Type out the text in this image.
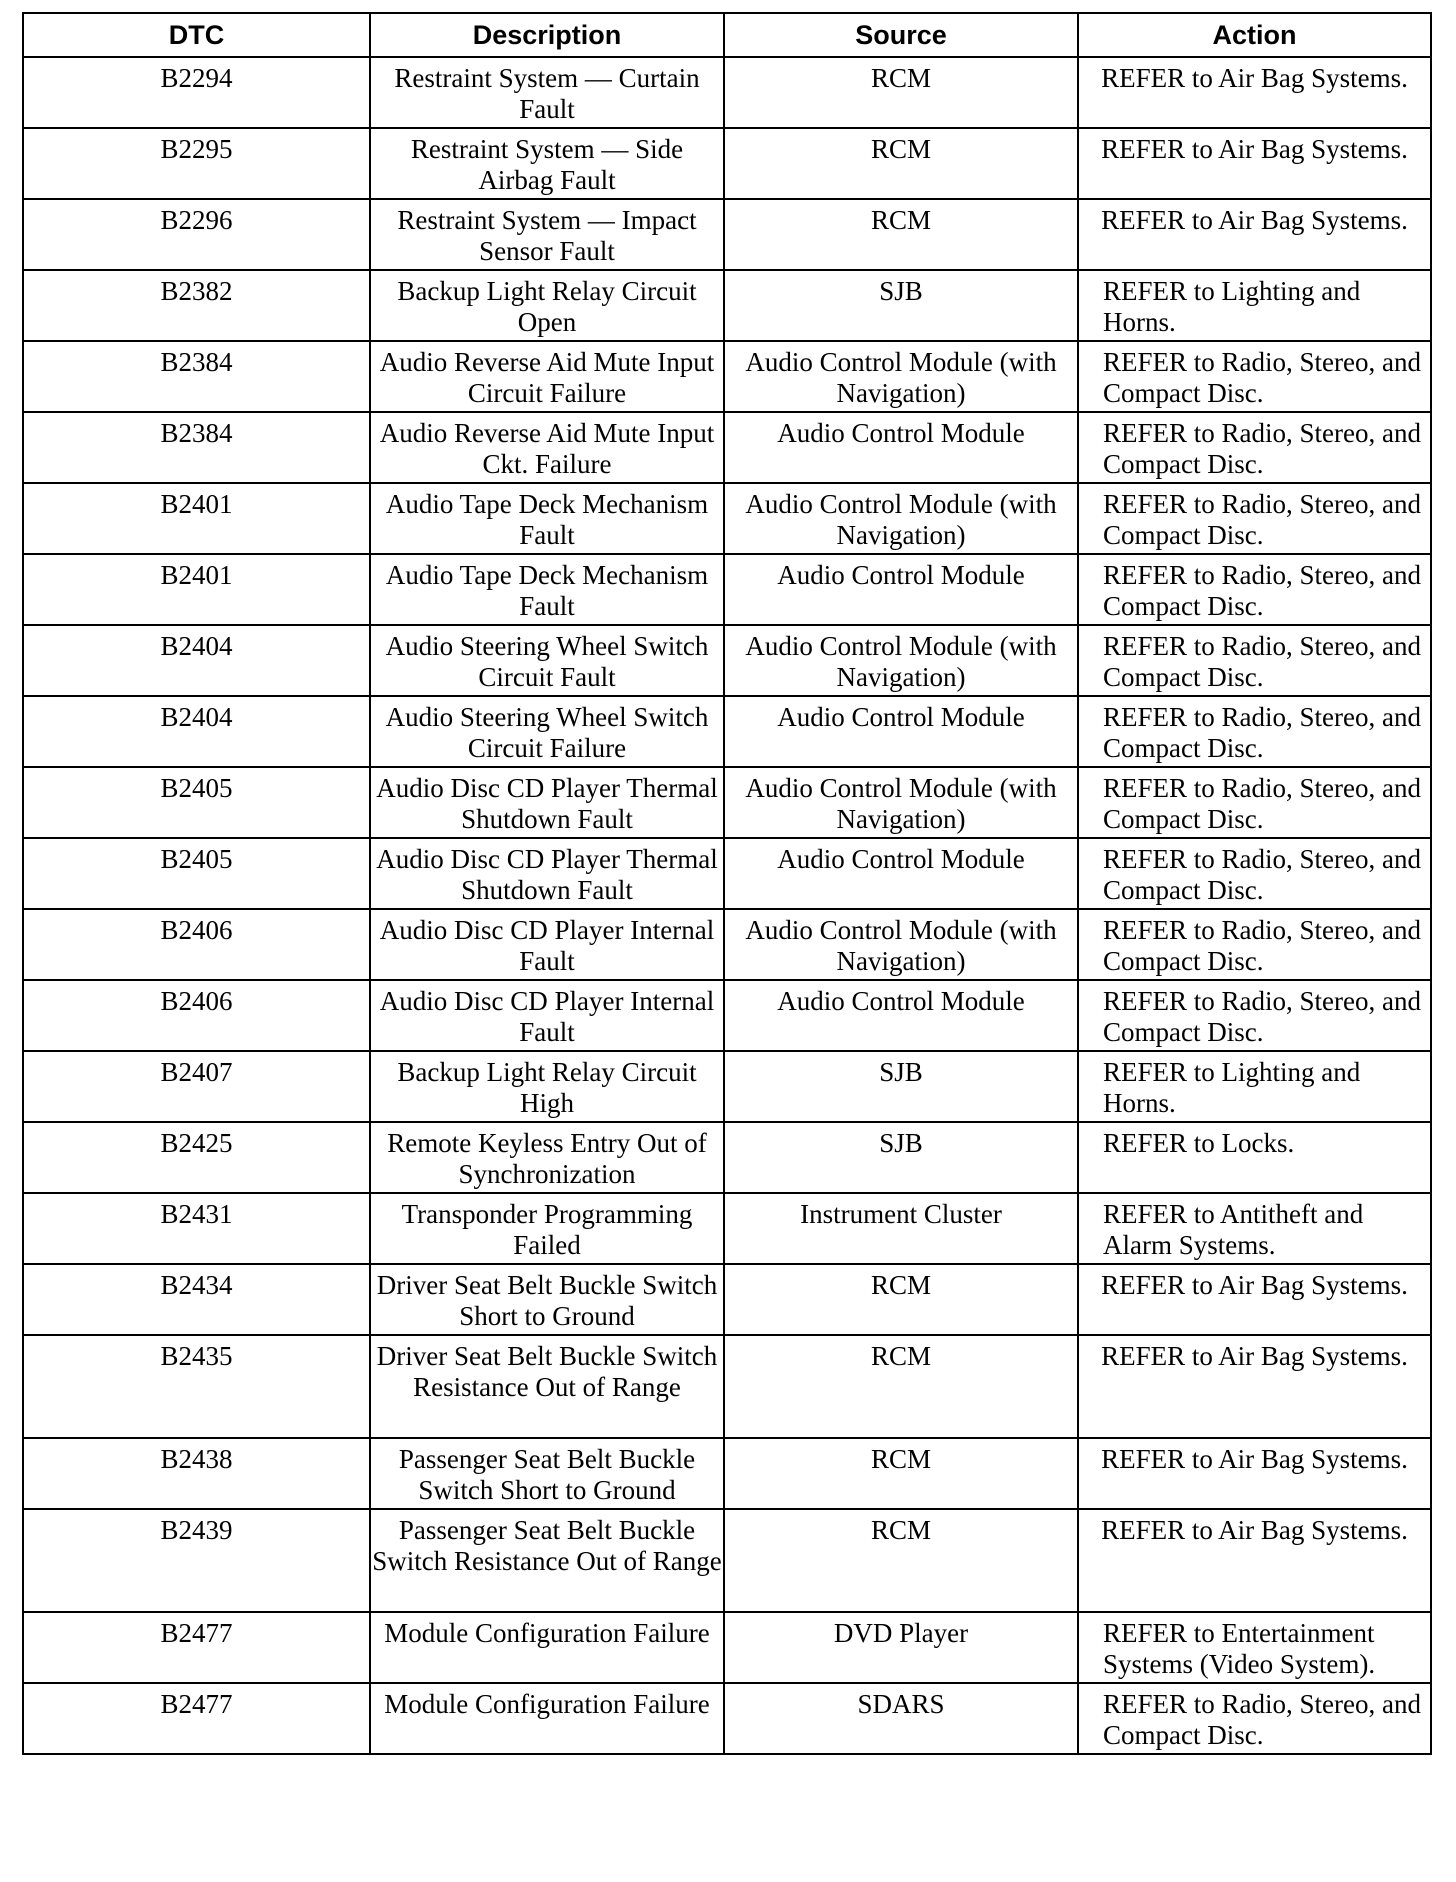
DTC	Description	Source	Action
B2294	Restraint System — Curtain Fault	RCM	REFER to Air Bag Systems.
B2295	Restraint System — Side Airbag Fault	RCM	REFER to Air Bag Systems.
B2296	Restraint System — Impact Sensor Fault	RCM	REFER to Air Bag Systems.
B2382	Backup Light Relay Circuit Open	SJB	REFER to Lighting and Horns.
B2384	Audio Reverse Aid Mute Input Circuit Failure	Audio Control Module (with Navigation)	REFER to Radio, Stereo, and Compact Disc.
B2384	Audio Reverse Aid Mute Input Ckt. Failure	Audio Control Module	REFER to Radio, Stereo, and Compact Disc.
B2401	Audio Tape Deck Mechanism Fault	Audio Control Module (with Navigation)	REFER to Radio, Stereo, and Compact Disc.
B2401	Audio Tape Deck Mechanism Fault	Audio Control Module	REFER to Radio, Stereo, and Compact Disc.
B2404	Audio Steering Wheel Switch Circuit Fault	Audio Control Module (with Navigation)	REFER to Radio, Stereo, and Compact Disc.
B2404	Audio Steering Wheel Switch Circuit Failure	Audio Control Module	REFER to Radio, Stereo, and Compact Disc.
B2405	Audio Disc CD Player Thermal Shutdown Fault	Audio Control Module (with Navigation)	REFER to Radio, Stereo, and Compact Disc.
B2405	Audio Disc CD Player Thermal Shutdown Fault	Audio Control Module	REFER to Radio, Stereo, and Compact Disc.
B2406	Audio Disc CD Player Internal Fault	Audio Control Module (with Navigation)	REFER to Radio, Stereo, and Compact Disc.
B2406	Audio Disc CD Player Internal Fault	Audio Control Module	REFER to Radio, Stereo, and Compact Disc.
B2407	Backup Light Relay Circuit High	SJB	REFER to Lighting and Horns.
B2425	Remote Keyless Entry Out of Synchronization	SJB	REFER to Locks.
B2431	Transponder Programming Failed	Instrument Cluster	REFER to Antitheft and Alarm Systems.
B2434	Driver Seat Belt Buckle Switch Short to Ground	RCM	REFER to Air Bag Systems.
B2435	Driver Seat Belt Buckle Switch Resistance Out of Range	RCM	REFER to Air Bag Systems.
B2438	Passenger Seat Belt Buckle Switch Short to Ground	RCM	REFER to Air Bag Systems.
B2439	Passenger Seat Belt Buckle Switch Resistance Out of Range	RCM	REFER to Air Bag Systems.
B2477	Module Configuration Failure	DVD Player	REFER to Entertainment Systems (Video System).
B2477	Module Configuration Failure	SDARS	REFER to Radio, Stereo, and Compact Disc.
